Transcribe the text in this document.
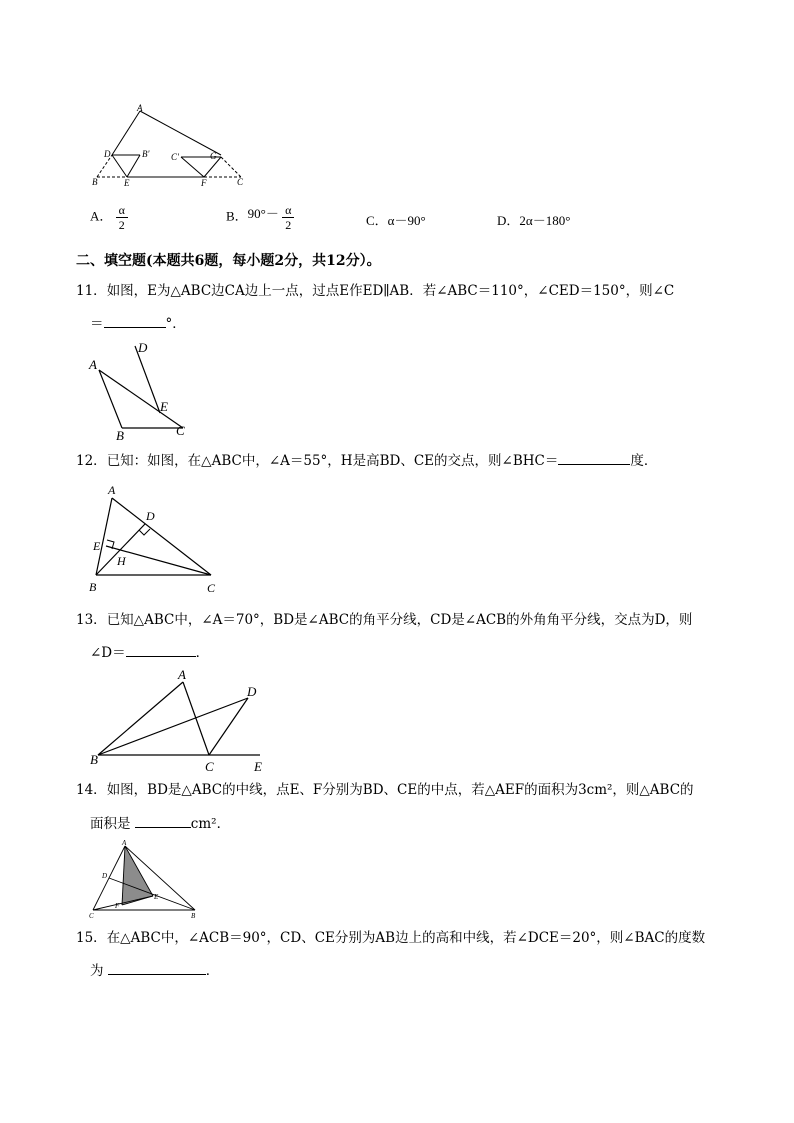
A
D	B' C'	G
B	E	F	C
A． $\frac{\alpha}{2}$	B．$90^\circ- \frac{\alpha}{2}$	C．α－90°	D．2α－180°
二、填空题(本题共6题，每小题2分，共12分）。
11．如图，E为△ABC边CA边上一点，过点E作ED∥AB．若∠ABC＝110°，∠CED＝150°，则∠C
＝	°．
A
D
E
B	C
12．已知：如图，在△ABC中，∠A＝55°，H是高BD、CE的交点，则∠BHC＝	度．
A
D
E
H
B	C
13．已知△ABC中，∠A＝70°，BD是∠ABC的角平分线，CD是∠ACB的外角角平分线，交点为D，则
∠D＝	．
A
D
B	C	E
14．如图，BD是△ABC的中线，点E、F分别为BD、CE的中点，若△AEF的面积为3cm²，则△ABC的
面积是	cm²．
A
D
E
F
C	B
15．在△ABC中，∠ACB＝90°，CD、CE分别为AB边上的高和中线，若∠DCE＝20°，则∠BAC的度数
为	．
